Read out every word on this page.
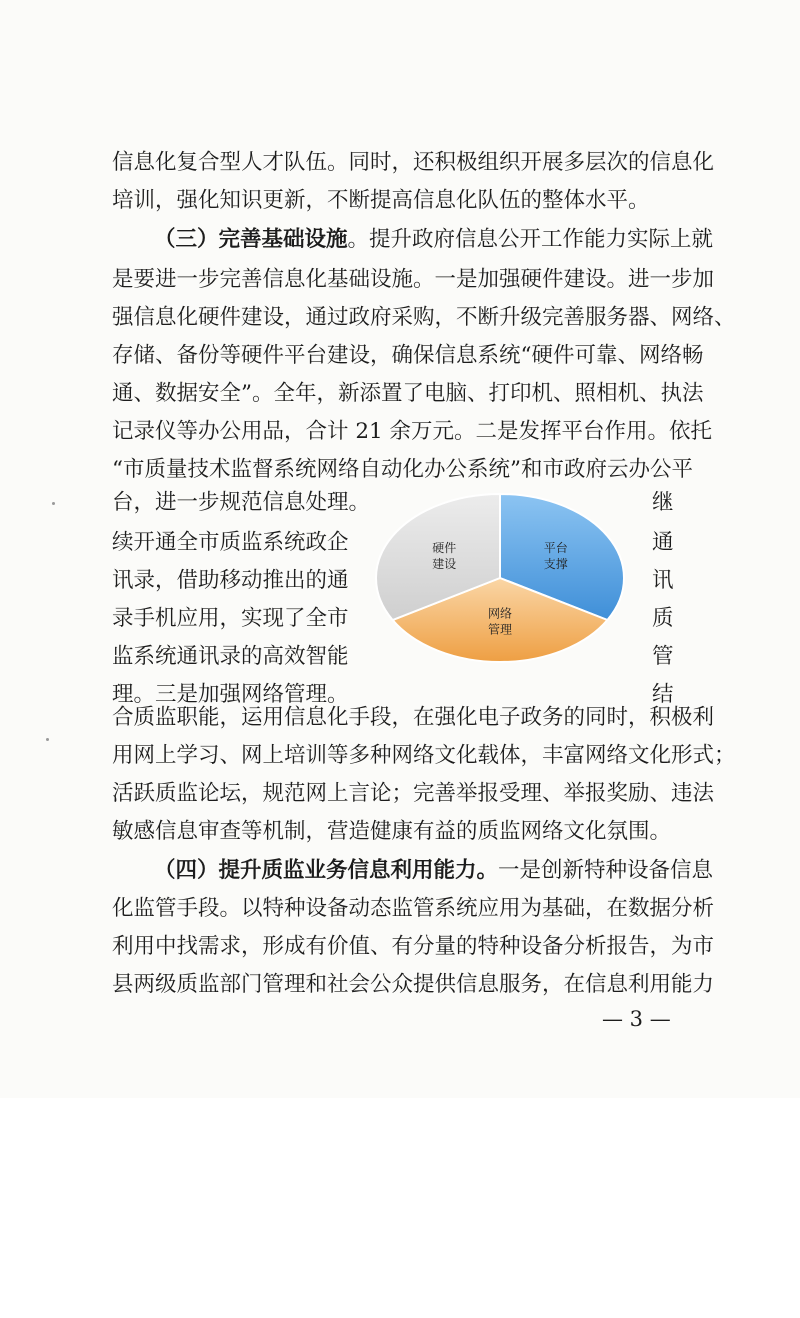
信息化复合型人才队伍。同时，还积极组织开展多层次的信息化
培训，强化知识更新，不断提高信息化队伍的整体水平。
（三）完善基础设施。提升政府信息公开工作能力实际上就
是要进一步完善信息化基础设施。一是加强硬件建设。进一步加
强信息化硬件建设，通过政府采购，不断升级完善服务器、网络、
存储、备份等硬件平台建设，确保信息系统“硬件可靠、网络畅
通、数据安全”。全年，新添置了电脑、打印机、照相机、执法
记录仪等办公用品，合计 21 余万元。二是发挥平台作用。依托
“市质量技术监督系统网络自动化办公系统”和市政府云办公平
台，进一步规范信息处理。
续开通全市质监系统政企
讯录，借助移动推出的通
录手机应用，实现了全市
监系统通讯录的高效智能
理。三是加强网络管理。
继
通
讯
质
管
结
平台
支撑
网络
管理
硬件
建设
合质监职能，运用信息化手段，在强化电子政务的同时，积极利
用网上学习、网上培训等多种网络文化载体，丰富网络文化形式；
活跃质监论坛，规范网上言论；完善举报受理、举报奖励、违法
敏感信息审查等机制，营造健康有益的质监网络文化氛围。
（四）提升质监业务信息利用能力。一是创新特种设备信息
化监管手段。以特种设备动态监管系统应用为基础，在数据分析
利用中找需求，形成有价值、有分量的特种设备分析报告，为市
县两级质监部门管理和社会公众提供信息服务，在信息利用能力
— 3 —
